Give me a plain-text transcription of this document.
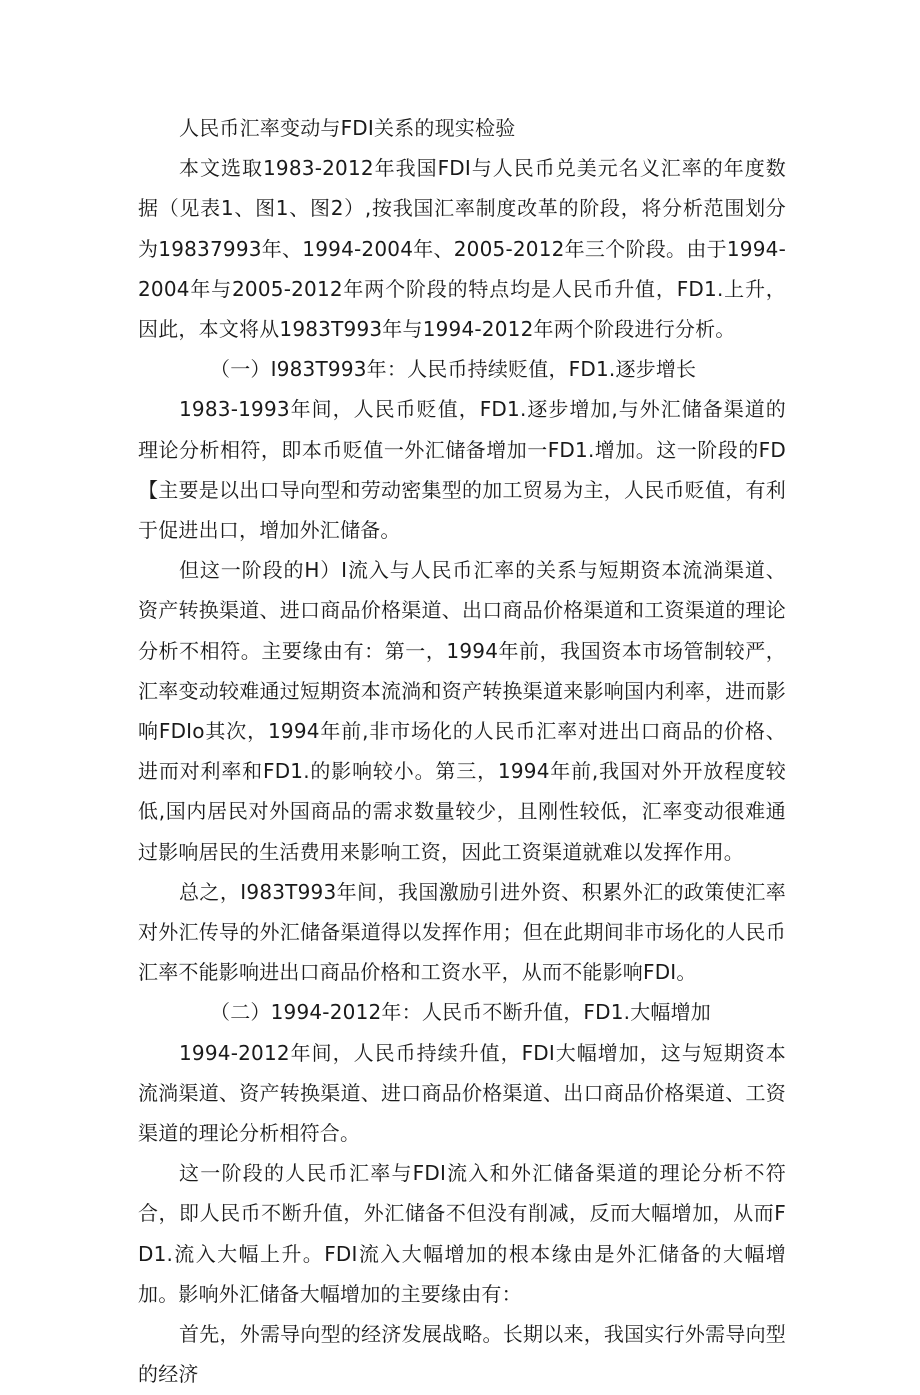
人民币汇率变动与FDI关系的现实检验

本文选取1983-2012年我国FDI与人民币兑美元名义汇率的年度数据（见表1、图1、图2）,按我国汇率制度改革的阶段，将分析范围划分为19837993年、1994-2004年、2005-2012年三个阶段。由于1994-2004年与2005-2012年两个阶段的特点均是人民币升值，FD1.上升，因此，本文将从1983T993年与1994-2012年两个阶段进行分析。

（一）I983T993年：人民币持续贬值，FD1.逐步增长

1983-1993年间，人民币贬值，FD1.逐步增加,与外汇储备渠道的理论分析相符，即本币贬值一外汇储备增加一FD1.增加。这一阶段的FD【主要是以出口导向型和劳动密集型的加工贸易为主，人民币贬值，有利于促进出口，增加外汇储备。

但这一阶段的H）I流入与人民币汇率的关系与短期资本流淌渠道、资产转换渠道、进口商品价格渠道、出口商品价格渠道和工资渠道的理论分析不相符。主要缘由有：第一，1994年前，我国资本市场管制较严，汇率变动较难通过短期资本流淌和资产转换渠道来影响国内利率，进而影响FDIo其次，1994年前,非市场化的人民币汇率对进出口商品的价格、进而对利率和FD1.的影响较小。第三，1994年前,我国对外开放程度较低,国内居民对外国商品的需求数量较少，且刚性较低，汇率变动很难通过影响居民的生活费用来影响工资，因此工资渠道就难以发挥作用。

总之，I983T993年间，我国激励引进外资、积累外汇的政策使汇率对外汇传导的外汇储备渠道得以发挥作用；但在此期间非市场化的人民币汇率不能影响进出口商品价格和工资水平，从而不能影响FDI。

（二）1994-2012年：人民币不断升值，FD1.大幅增加

1994-2012年间，人民币持续升值，FDI大幅增加，这与短期资本流淌渠道、资产转换渠道、进口商品价格渠道、出口商品价格渠道、工资渠道的理论分析相符合。

这一阶段的人民币汇率与FDI流入和外汇储备渠道的理论分析不符合，即人民币不断升值，外汇储备不但没有削减，反而大幅增加，从而FD1.流入大幅上升。FDI流入大幅增加的根本缘由是外汇储备的大幅增加。影响外汇储备大幅增加的主要缘由有：

首先，外需导向型的经济发展战略。长期以来，我国实行外需导向型的经济
